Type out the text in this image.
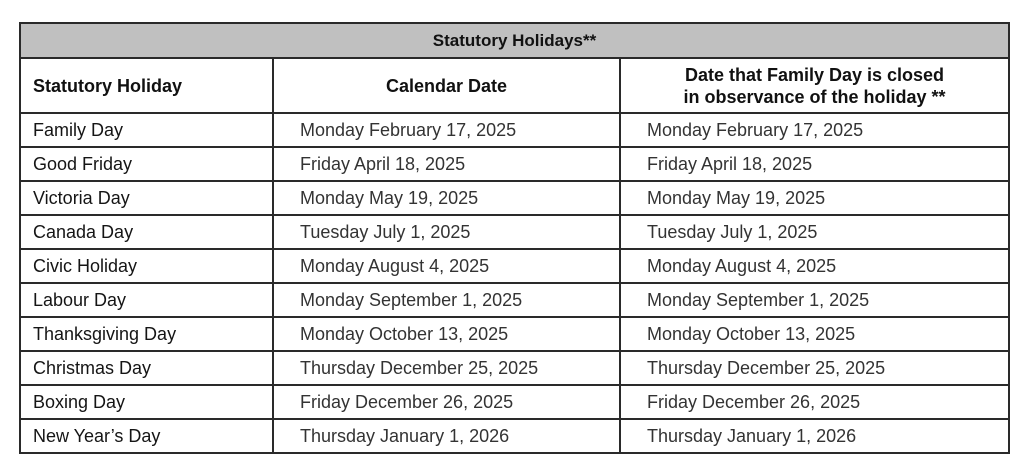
Statutory Holidays**		
Statutory Holiday	Calendar Date	Date that Family Day is closed
in observance of the holiday **

Family Day	Monday February 17, 2025	Monday February 17, 2025
Good Friday	Friday April 18, 2025	Friday April 18, 2025
Victoria Day	Monday May 19, 2025	Monday May 19, 2025
Canada Day	Tuesday July 1, 2025	Tuesday July 1, 2025
Civic Holiday	Monday August 4, 2025	Monday August 4, 2025
Labour Day	Monday September 1, 2025	Monday September 1, 2025
Thanksgiving Day	Monday October 13, 2025	Monday October 13, 2025
Christmas Day	Thursday December 25, 2025	Thursday December 25, 2025
Boxing Day	Friday December 26, 2025	Friday December 26, 2025
New Year’s Day	Thursday January 1, 2026	Thursday January 1, 2026
